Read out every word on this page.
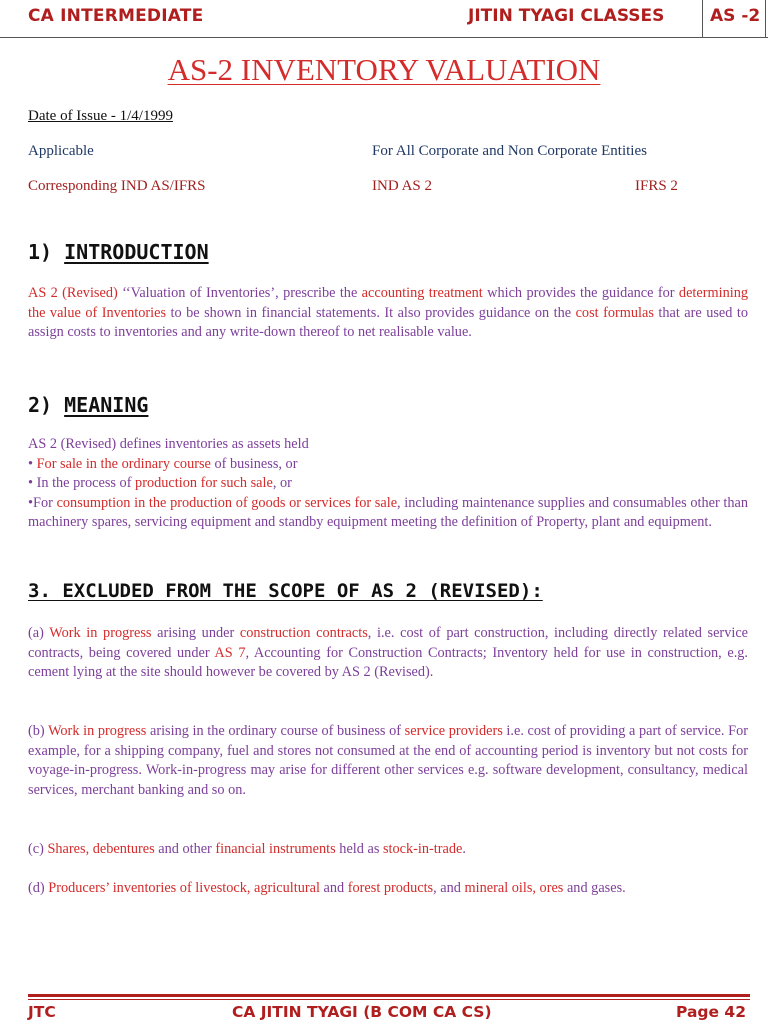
CA INTERMEDIATE	JITIN TYAGI CLASSES	AS -2
AS-2 INVENTORY VALUATION
Date of Issue - 1/4/1999
Applicable	For All Corporate and Non Corporate Entities
Corresponding IND AS/IFRS	IND AS 2	IFRS 2
1) INTRODUCTION

AS 2 (Revised) ‘‘Valuation of Inventories’, prescribe the accounting treatment which provides the guidance for determining the value of Inventories to be shown in financial statements. It also provides guidance on the cost formulas that are used to assign costs to inventories and any write-down thereof to net realisable value.

2) MEANING

AS 2 (Revised) defines inventories as assets held

• For sale in the ordinary course of business, or

• In the process of production for such sale, or

•For consumption in the production of goods or services for sale, including maintenance supplies and consumables other than machinery spares, servicing equipment and standby equipment meeting the definition of Property, plant and equipment.

3. EXCLUDED FROM THE SCOPE OF AS 2 (REVISED):

(a) Work in progress arising under construction contracts, i.e. cost of part construction, including directly related service contracts, being covered under AS 7, Accounting for Construction Contracts; Inventory held for use in construction, e.g. cement lying at the site should however be covered by AS 2 (Revised).

(b) Work in progress arising in the ordinary course of business of service providers i.e. cost of providing a part of service. For example, for a shipping company, fuel and stores not consumed at the end of accounting period is inventory but not costs for voyage-in-progress. Work-in-progress may arise for different other services e.g. software development, consultancy, medical services, merchant banking and so on.

(c) Shares, debentures and other financial instruments held as stock-in-trade.

(d) Producers’ inventories of livestock, agricultural and forest products, and mineral oils, ores and gases.

JTC	CA JITIN TYAGI (B COM CA CS)	Page 42
